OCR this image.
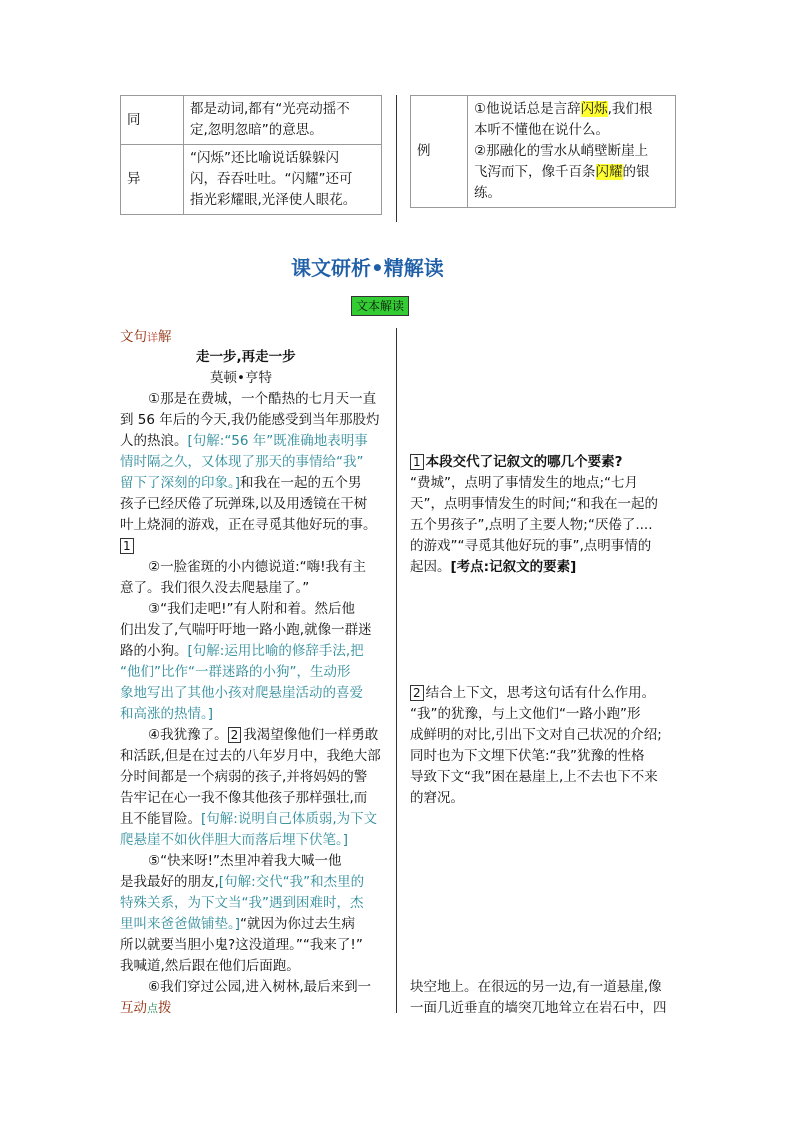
同	都是动词,都有“光亮动摇不
定,忽明忽暗”的意思。

异	“闪烁”还比喻说话躲躲闪
闪，吞吞吐吐。“闪耀”还可
指光彩耀眼,光泽使人眼花。
例	
①他说话总是言辞闪烁,我们根
本听不懂他在说什么。
②那融化的雪水从峭壁断崖上
飞泻而下，像千百条闪耀的银
练。
课文研析•精解读
文本解读
文句详解
走一步,再走一步
莫顿•亨特
①那是在费城，一个酷热的七月天一直
到 56 年后的今天,我仍能感受到当年那股灼
人的热浪。[句解:“56 年”既准确地表明事
情时隔之久，又体现了那天的事情给“我”
留下了深刻的印象。]和我在一起的五个男
孩子已经厌倦了玩弹珠,以及用透镜在干树
叶上烧洞的游戏，正在寻觅其他好玩的事。
1
②一脸雀斑的小内德说道:“嗨!我有主
意了。我们很久没去爬悬崖了。”
③“我们走吧!”有人附和着。然后他
们出发了,气喘吁吁地一路小跑,就像一群迷
路的小狗。[句解:运用比喻的修辞手法,把
“他们”比作“一群迷路的小狗”，生动形
象地写出了其他小孩对爬悬崖活动的喜爱
和高涨的热情。]
④我犹豫了。 2 我渴望像他们一样勇敢
和活跃,但是在过去的八年岁月中，我绝大部
分时间都是一个病弱的孩子,并将妈妈的警
告牢记在心一我不像其他孩子那样强壮,而
且不能冒险。[句解:说明自己体质弱,为下文
爬悬崖不如伙伴胆大而落后埋下伏笔。]
⑤“快来呀!”杰里冲着我大喊一他
是我最好的朋友,[句解:交代“我”和杰里的
特殊关系，为下文当“我”遇到困难时，杰
里叫来爸爸做铺垫。]“就因为你过去生病
所以就要当胆小鬼?这没道理。”“我来了!”
我喊道,然后跟在他们后面跑。
⑥我们穿过公园,进入树林,最后来到一
互动点拨
1 本段交代了记叙文的哪几个要素?
“费城”，点明了事情发生的地点;“七月
天”，点明事情发生的时间;“和我在一起的
五个男孩子”,点明了主要人物;“厌倦了....
的游戏”“寻觅其他好玩的事”,点明事情的
起因。[考点:记叙文的要素]
2 结合上下文，思考这句话有什么作用。
“我”的犹豫，与上文他们“一路小跑”形
成鲜明的对比,引出下文对自己状况的介绍;
同时也为下文埋下伏笔:“我”犹豫的性格
导致下文“我”困在悬崖上,上不去也下不来
的窘况。
块空地上。在很远的另一边,有一道悬崖,像
一面几近垂直的墙突兀地耸立在岩石中，四
